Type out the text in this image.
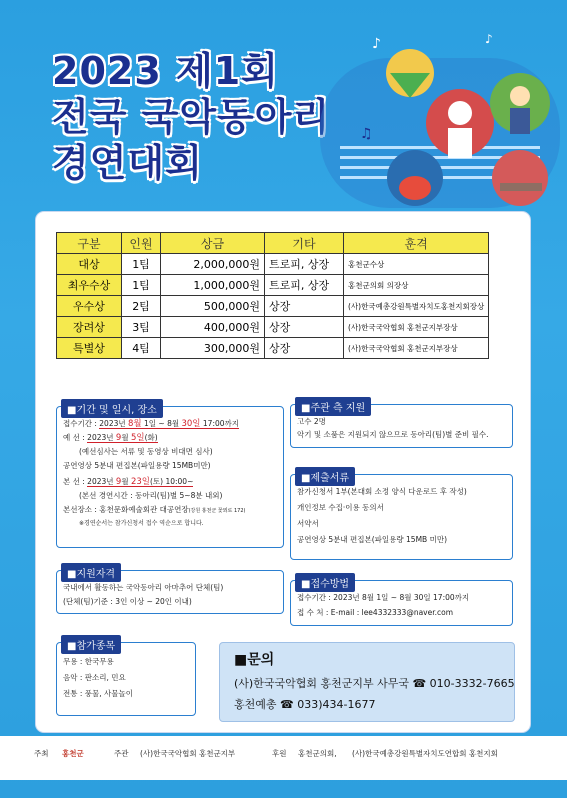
2023 제1회
전국 국악동아리
경연대회
♪
♫
♪
구분	인원	상금	기타	훈격
대상	1팀	2,000,000원	트로피, 상장	홍천군수상
최우수상	1팀	1,000,000원	트로피, 상장	홍천군의회 의장상
우수상	2팀	500,000원	상장	(사)한국예총강원특별자치도홍천지회장상
장려상	3팀	400,000원	상장	(사)한국국악협회 홍천군지부장상
특별상	4팀	300,000원	상장	(사)한국국악협회 홍천군지부장상
■기간 및 일시, 장소
접수기간 : 2023년 8월 1일 ~ 8월 30일 17:00까지
예 선 : 2023년 9월 5일(화)
(예선심사는 서류 및 동영상 비대면 심사)
공연영상 5분내 편집본(파일용량 15MB미만)
본 선 : 2023년 9월 23일(토) 10:00~
(본선 경연시간 : 동아리(팀)별 5~8분 내외)
본선장소 : 홍천문화예술회관 대공연장(강원 홍천군 꽃뫼로 172)
※경연순서는 참가신청서 접수 역순으로 합니다.
■주관 측 지원
고수 2명
악기 및 소품은 지원되지 않으므로 동아리(팀)별 준비 필수.
■제출서류
참가신청서 1부(본대회 소정 양식 다운로드 후 작성)
개인정보 수집·이용 동의서
서약서
공연영상 5분내 편집본(파일용량 15MB 미만)
■지원자격
국내에서 활동하는 국악동아리 아마추어 단체(팀)
(단체(팀)기준 : 3인 이상 ~ 20인 이내)
■접수방법
접수기간 : 2023년 8월 1일 ~ 8월 30일 17:00까지
접 수 처 : E-mail : lee4332333@naver.com
■참가종목
무용 : 한국무용
음악 : 판소리, 민요
전통 : 풍물, 사물놀이
■문의
(사)한국국악협회 홍천군지부 사무국 ☎ 010-3332-7665
홍천예총 ☎ 033)434-1677
주최 홍천군	주관 (사)한국국악협회 홍천군지부	후원 홍천군의회, (사)한국예총강원특별자치도연합회 홍천지회
